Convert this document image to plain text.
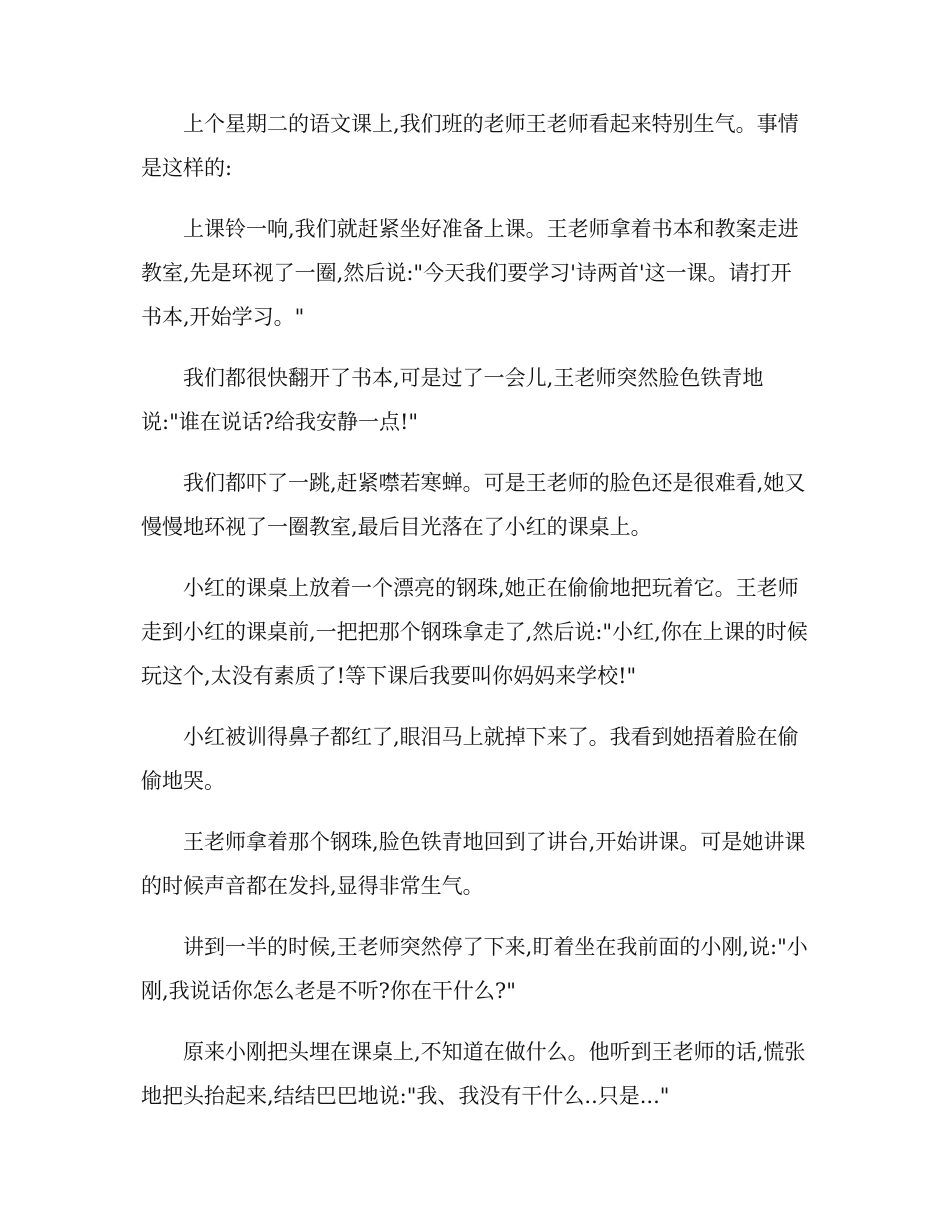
上个星期二的语文课上,我们班的老师王老师看起来特别生气。事情是这样的:

上课铃一响,我们就赶紧坐好准备上课。王老师拿着书本和教案走进教室,先是环视了一圈,然后说:"今天我们要学习'诗两首'这一课。请打开书本,开始学习。"

我们都很快翻开了书本,可是过了一会儿,王老师突然脸色铁青地说:"谁在说话?给我安静一点!"

我们都吓了一跳,赶紧噤若寒蝉。可是王老师的脸色还是很难看,她又慢慢地环视了一圈教室,最后目光落在了小红的课桌上。

小红的课桌上放着一个漂亮的钢珠,她正在偷偷地把玩着它。王老师走到小红的课桌前,一把把那个钢珠拿走了,然后说:"小红,你在上课的时候玩这个,太没有素质了!等下课后我要叫你妈妈来学校!"

小红被训得鼻子都红了,眼泪马上就掉下来了。我看到她捂着脸在偷偷地哭。

王老师拿着那个钢珠,脸色铁青地回到了讲台,开始讲课。可是她讲课的时候声音都在发抖,显得非常生气。

讲到一半的时候,王老师突然停了下来,盯着坐在我前面的小刚,说:"小刚,我说话你怎么老是不听?你在干什么?"

原来小刚把头埋在课桌上,不知道在做什么。他听到王老师的话,慌张地把头抬起来,结结巴巴地说:"我、我没有干什么..只是..."
